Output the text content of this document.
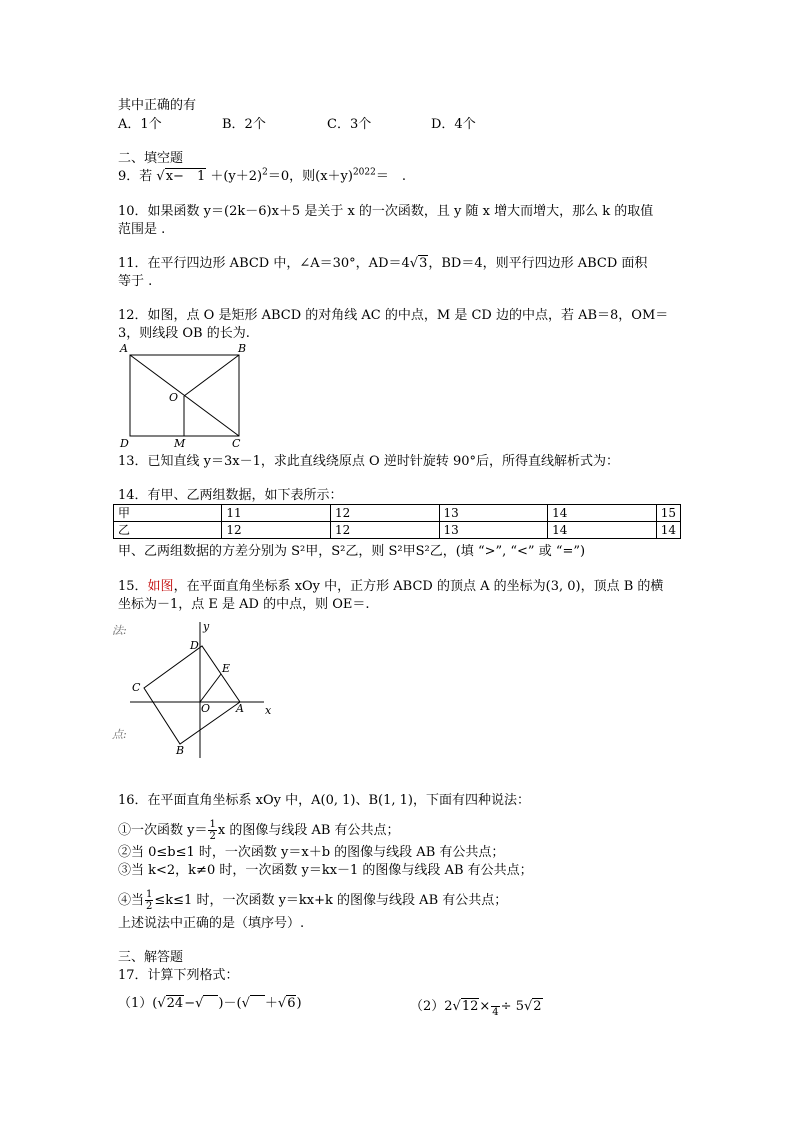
其中正确的有
A．1个	B．2个	C．3个	D．4个
二、填空题
9．若 √x−　$1 +(y+2)^2=0$，则$(x+y)^{2022}=$　.
10．如果函数 y＝(2k－6)x＋5 是关于 x 的一次函数，且 y 随 x 增大而增大，那么 k 的取值
范围是 .
11．在平行四边形 ABCD 中，∠A＝30°，AD＝4√3，BD＝4，则平行四边形 ABCD 面积
等于 .
12．如图，点 O 是矩形 ABCD 的对角线 AC 的中点，M 是 CD 边的中点，若 AB＝8，OM＝
3，则线段 OB 的长为.
A	B
D	C
O
M
13．已知直线 y＝3x－1，求此直线绕原点 O 逆时针旋转 90°后，所得直线解析式为：
14．有甲、乙两组数据，如下表所示：
甲	11	12	13	14	15
乙	12	12	13	14	14
甲、乙两组数据的方差分别为 S²甲，S²乙，则 S²甲S²乙，(填 “>”, “<” 或 “=”)
15．如图，在平面直角坐标系 xOy 中，正方形 ABCD 的顶点 A 的坐标为(3, 0)，顶点 B 的横
坐标为－1，点 E 是 AD 的中点，则 OE＝.
y
x
D
E
C
O A
B
法:
点:
16．在平面直角坐标系 xOy 中，A(0, 1)、B(1, 1)，下面有四种说法：
①一次函数 $y= \frac{1}{2}$ x 的图像与线段 AB 有公共点；
②当 0≤b≤1 时，一次函数 y＝x＋b 的图像与线段 AB 有公共点；
③当 k<2，k≠0 时，一次函数 y＝kx－1 的图像与线段 AB 有公共点；
④当 $\frac{1}{2} \le k\le 1$ 时，一次函数 y＝kx+k 的图像与线段 AB 有公共点；
上述说法中正确的是（填序号）.
三、解答题
17．计算下列格式：
（1）(√24−√　 )－(√　 ＋√6)	（2）2√12×
4 ÷ 5√2
